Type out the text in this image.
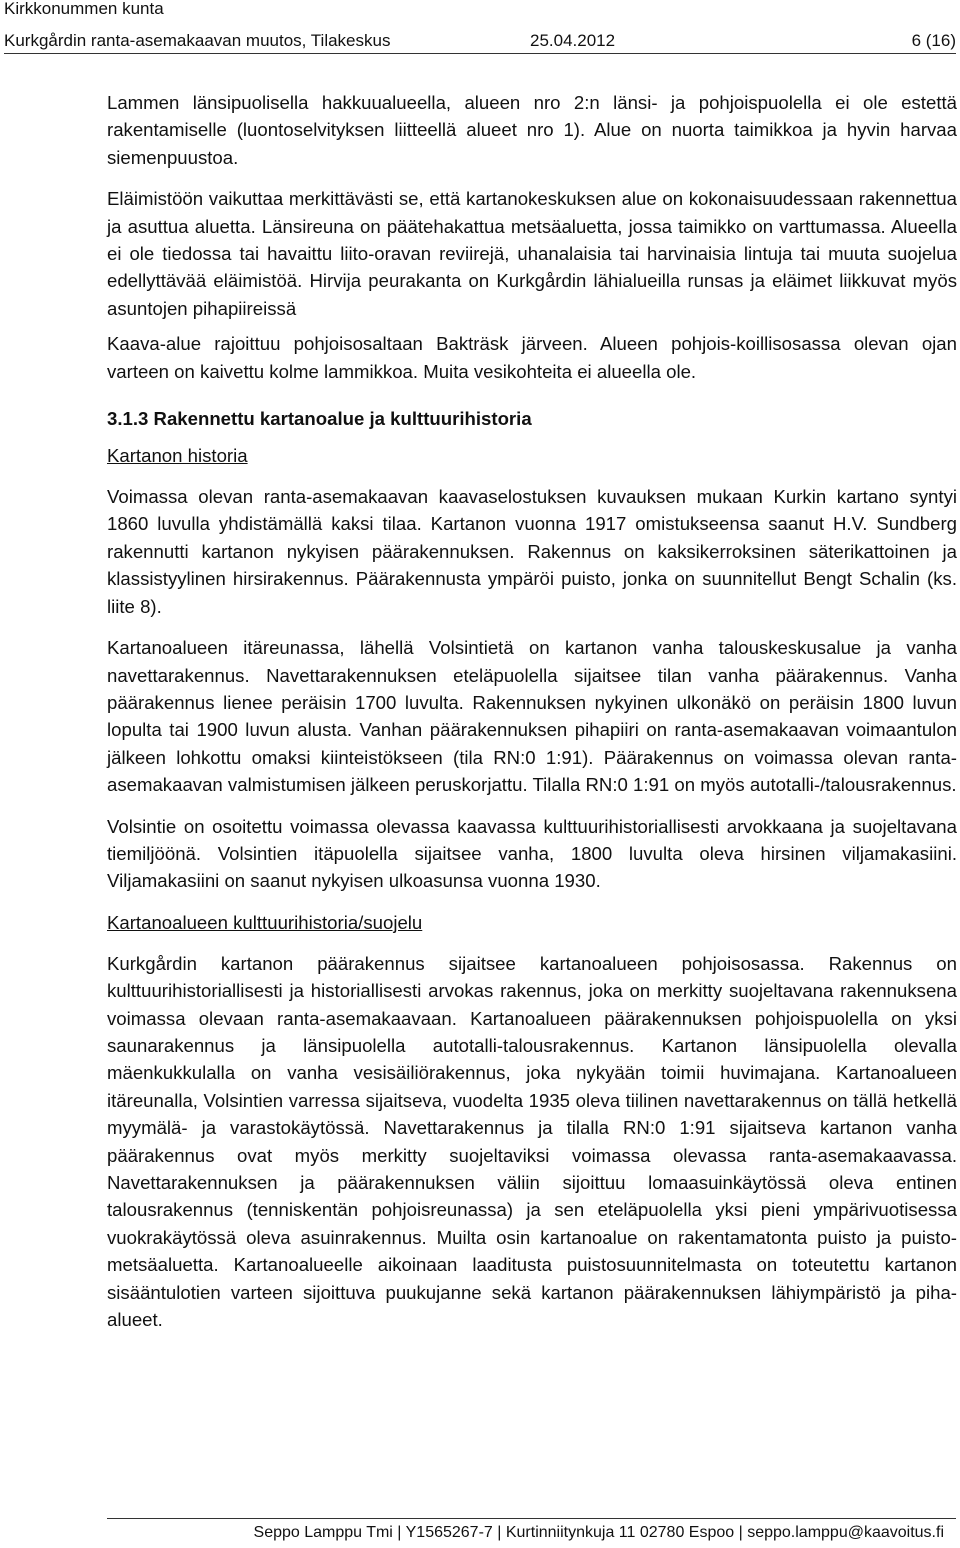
Kirkkonummen kunta
Kurkgårdin ranta-asemakaavan muutos, Tilakeskus	25.04.2012	6 (16)

Lammen länsipuolisella hakkuualueella, alueen nro 2:n länsi- ja pohjoispuolella ei ole estettä rakentamiselle (luontoselvityksen liitteellä alueet nro 1). Alue on nuorta taimikkoa ja hyvin harvaa siemenpuustoa.

Eläimistöön vaikuttaa merkittävästi se, että kartanokeskuksen alue on kokonaisuudessaan rakennettua ja asuttua aluetta. Länsireuna on päätehakattua metsäaluetta, jossa taimikko on varttumassa. Alueella ei ole tiedossa tai havaittu liito-oravan reviirejä, uhanalaisia tai harvinaisia lintuja tai muuta suojelua edellyttävää eläimistöä. Hirvija peurakanta on Kurkgårdin lähialueilla runsas ja eläimet liikkuvat myös asuntojen pihapiireissä

Kaava-alue rajoittuu pohjoisosaltaan Bakträsk järveen. Alueen pohjois-koillisosassa olevan ojan varteen on kaivettu kolme lammikkoa. Muita vesikohteita ei alueella ole.

3.1.3 Rakennettu kartanoalue ja kulttuurihistoria
Kartanon historia

Voimassa olevan ranta-asemakaavan kaavaselostuksen kuvauksen mukaan Kurkin kartano syntyi 1860 luvulla yhdistämällä kaksi tilaa. Kartanon vuonna 1917 omistukseensa saanut H.V. Sundberg rakennutti kartanon nykyisen päärakennuksen. Rakennus on kaksikerroksinen säterikattoinen ja klassistyylinen hirsirakennus. Päärakennusta ympäröi puisto, jonka on suunnitellut Bengt Schalin (ks. liite 8).

Kartanoalueen itäreunassa, lähellä Volsintietä on kartanon vanha talouskeskusalue ja vanha navettarakennus. Navettarakennuksen eteläpuolella sijaitsee tilan vanha päärakennus. Vanha päärakennus lienee peräisin 1700 luvulta. Rakennuksen nykyinen ulkonäkö on peräisin 1800 luvun lopulta tai 1900 luvun alusta. Vanhan päärakennuksen pihapiiri on ranta-asemakaavan voimaantulon jälkeen lohkottu omaksi kiinteistökseen (tila RN:0 1:91). Päärakennus on voimassa olevan ranta-asemakaavan valmistumisen jälkeen peruskorjattu. Tilalla RN:0 1:91 on myös autotalli-/talousrakennus.

Volsintie on osoitettu voimassa olevassa kaavassa kulttuurihistoriallisesti arvokkaana ja suojeltavana tiemiljöönä. Volsintien itäpuolella sijaitsee vanha, 1800 luvulta oleva hirsinen viljamakasiini. Viljamakasiini on saanut nykyisen ulkoasunsa vuonna 1930.

Kartanoalueen kulttuurihistoria/suojelu

Kurkgårdin kartanon päärakennus sijaitsee kartanoalueen pohjoisosassa. Rakennus on kulttuurihistoriallisesti ja historiallisesti arvokas rakennus, joka on merkitty suojeltavana rakennuksena voimassa olevaan ranta-asemakaavaan. Kartanoalueen päärakennuksen pohjoispuolella on yksi saunarakennus ja länsipuolella autotalli-talousrakennus. Kartanon länsipuolella olevalla mäenkukkulalla on vanha vesisäiliörakennus, joka nykyään toimii huvimajana. Kartanoalueen itäreunalla, Volsintien varressa sijaitseva, vuodelta 1935 oleva tiilinen navettarakennus on tällä hetkellä myymälä- ja varastokäytössä. Navettarakennus ja tilalla RN:0 1:91 sijaitseva kartanon vanha päärakennus ovat myös merkitty suojeltaviksi voimassa olevassa ranta-asemakaavassa. Navettarakennuksen ja päärakennuksen väliin sijoittuu lomaasuinkäytössä oleva entinen talousrakennus (tenniskentän pohjoisreunassa) ja sen eteläpuolella yksi pieni ympärivuotisessa vuokrakäytössä oleva asuinrakennus. Muilta osin kartanoalue on rakentamatonta puisto ja puisto-metsäaluetta. Kartanoalueelle aikoinaan laaditusta puistosuunnitelmasta on toteutettu kartanon sisääntulotien varteen sijoittuva puukujanne sekä kartanon päärakennuksen lähiympäristö ja pihaalueet.

Seppo Lamppu Tmi | Y1565267-7 | Kurtinniitynkuja 11 02780 Espoo | seppo.lamppu@kaavoitus.fi
